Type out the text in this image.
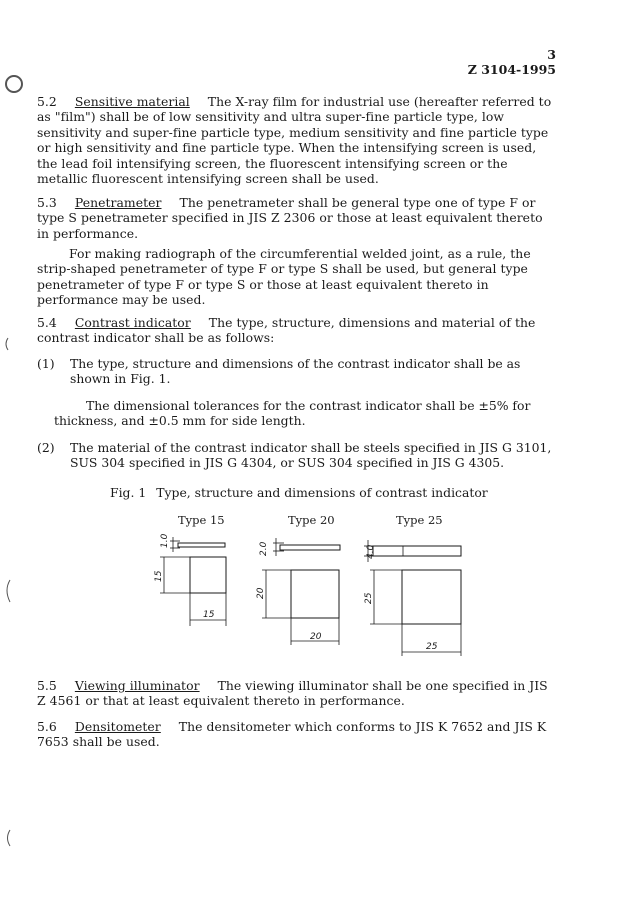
3
Z 3104-1995
5.2 Sensitive material The X-ray film for industrial use (hereafter referred to as "film") shall be of low sensitivity and ultra super-fine particle type, low sensitivity and super-fine particle type, medium sensitivity and fine particle type or high sensitivity and fine particle type. When the intensifying screen is used, the lead foil intensifying screen, the fluorescent intensifying screen or the metallic fluorescent intensifying screen shall be used.
5.3 Penetrameter The penetrameter shall be general type one of type F or type S penetrameter specified in JIS Z 2306 or those at least equivalent thereto in performance.
For making radiograph of the circumferential welded joint, as a rule, the strip-shaped penetrameter of type F or type S shall be used, but general type penetrameter of type F or type S or those at least equivalent thereto in performance may be used.
5.4 Contrast indicator The type, structure, dimensions and material of the contrast indicator shall be as follows:
(1) The type, structure and dimensions of the contrast indicator shall be as shown in Fig. 1.
The dimensional tolerances for the contrast indicator shall be ±5% for thickness, and ±0.5 mm for side length.
(2) The material of the contrast indicator shall be steels specified in JIS G 3101, SUS 304 specified in JIS G 4304, or SUS 304 specified in JIS G 4305.
Fig. 1 Type, structure and dimensions of contrast indicator
Type 15	Type 20	Type 25
1.0
15
15
2.0
20
20
4.0
25
25
5.5 Viewing illuminator The viewing illuminator shall be one specified in JIS Z 4561 or that at least equivalent thereto in performance.
5.6 Densitometer The densitometer which conforms to JIS K 7652 and JIS K 7653 shall be used.
